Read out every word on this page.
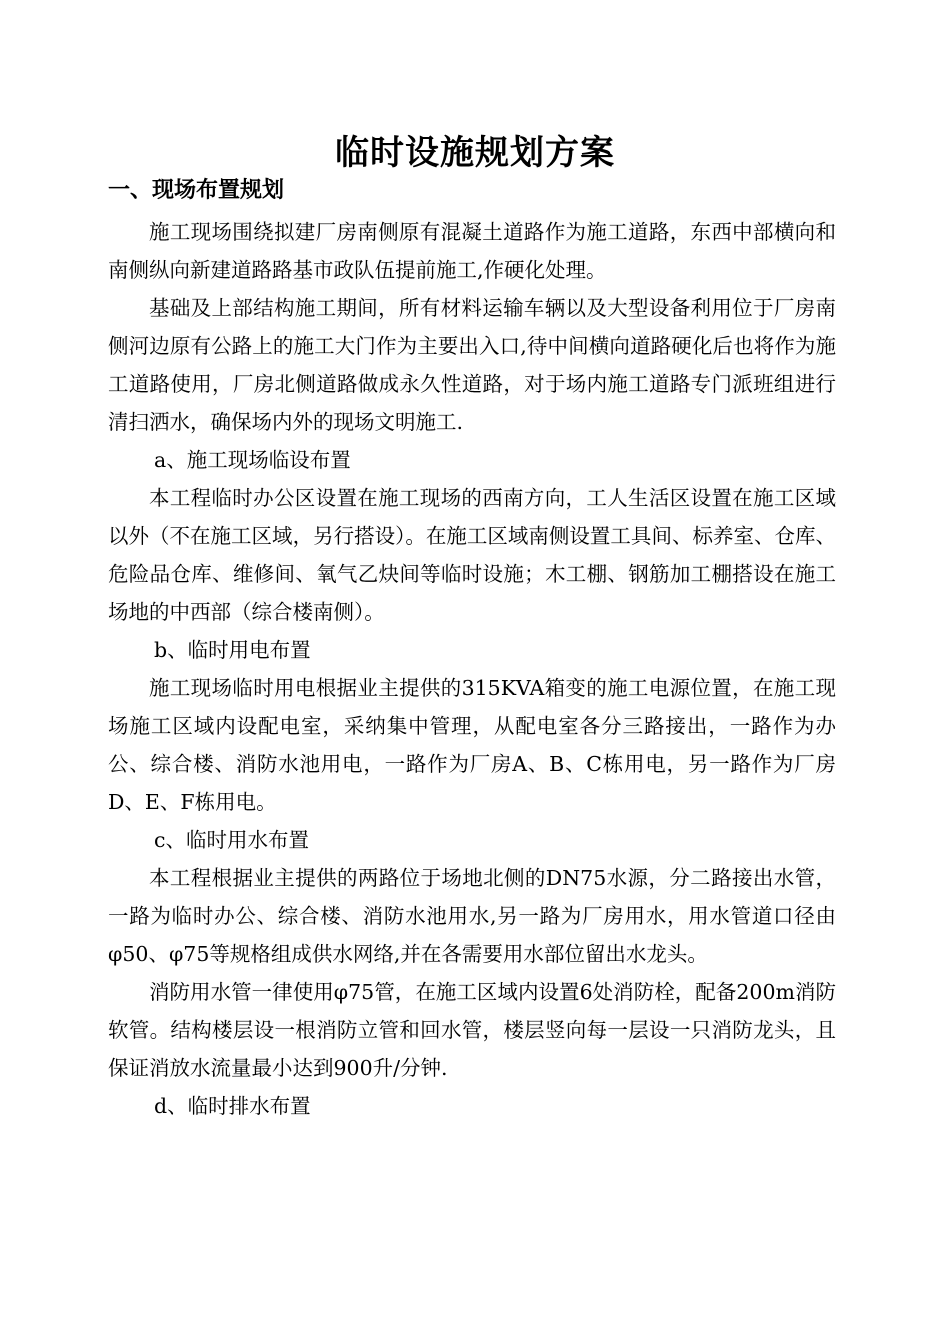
临时设施规划方案
一、现场布置规划

施工现场围绕拟建厂房南侧原有混凝土道路作为施工道路，东西中部横向和南侧纵向新建道路路基市政队伍提前施工,作硬化处理。

基础及上部结构施工期间，所有材料运输车辆以及大型设备利用位于厂房南侧河边原有公路上的施工大门作为主要出入口,待中间横向道路硬化后也将作为施工道路使用，厂房北侧道路做成永久性道路，对于场内施工道路专门派班组进行清扫洒水，确保场内外的现场文明施工.

a、施工现场临设布置

本工程临时办公区设置在施工现场的西南方向，工人生活区设置在施工区域以外（不在施工区域，另行搭设）。在施工区域南侧设置工具间、标养室、仓库、危险品仓库、维修间、氧气乙炔间等临时设施；木工棚、钢筋加工棚搭设在施工场地的中西部（综合楼南侧）。

b、临时用电布置

施工现场临时用电根据业主提供的315KVA箱变的施工电源位置，在施工现场施工区域内设配电室，采纳集中管理，从配电室各分三路接出，一路作为办公、综合楼、消防水池用电，一路作为厂房A、B、C栋用电，另一路作为厂房D、E、F栋用电。

c、临时用水布置

本工程根据业主提供的两路位于场地北侧的DN75水源，分二路接出水管，一路为临时办公、综合楼、消防水池用水,另一路为厂房用水，用水管道口径由φ50、φ75等规格组成供水网络,并在各需要用水部位留出水龙头。

消防用水管一律使用φ75管，在施工区域内设置6处消防栓，配备200m消防软管。结构楼层设一根消防立管和回水管，楼层竖向每一层设一只消防龙头，且保证消放水流量最小达到900升/分钟.

d、临时排水布置
